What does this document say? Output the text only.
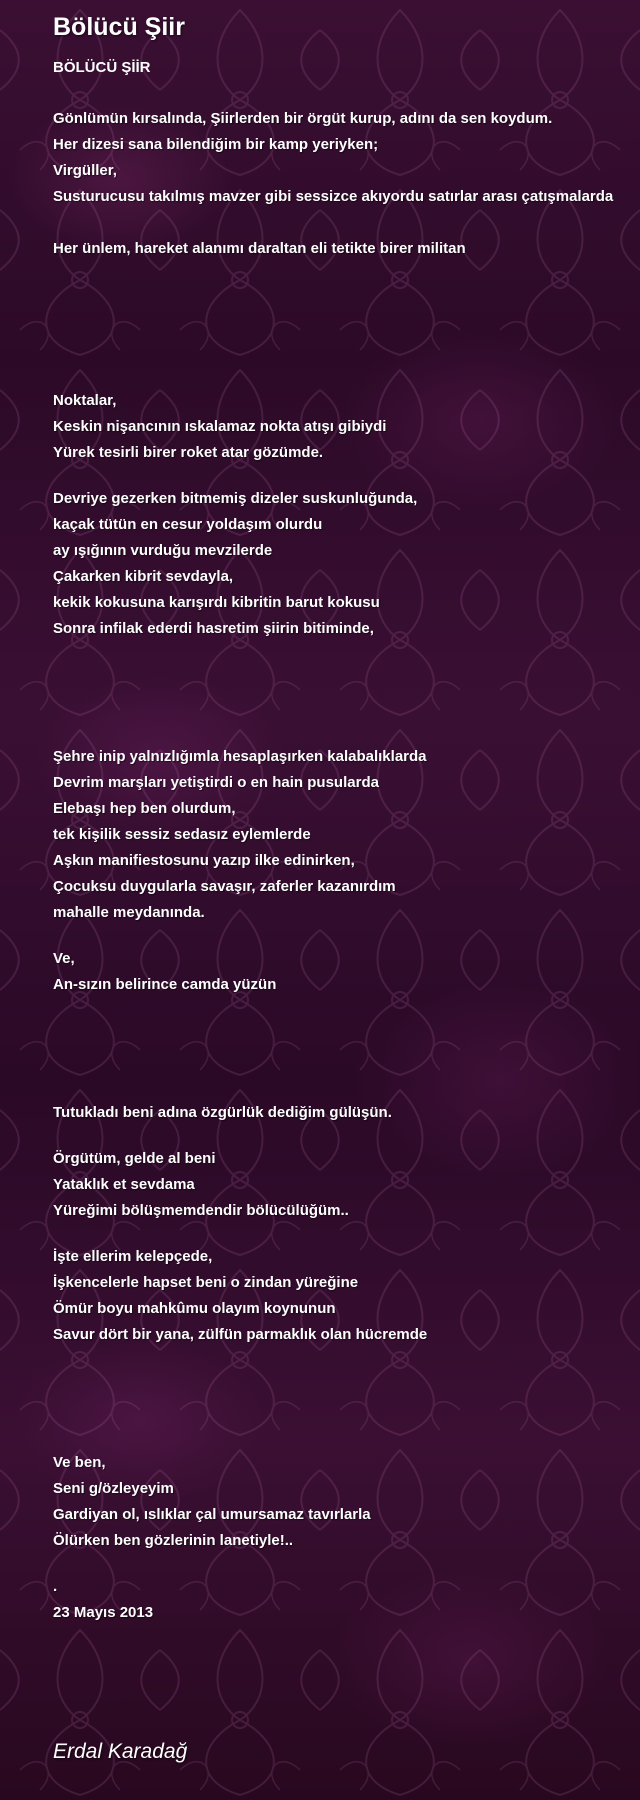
Bölücü Şiir
BÖLÜCÜ ŞİİR
Gönlümün kırsalında, Şiirlerden bir örgüt kurup, adını da sen koydum.
Her dizesi sana bilendiğim bir kamp yeriyken;
Virgüller,
Susturucusu takılmış mavzer gibi sessizce akıyordu satırlar arası çatışmalarda
Her ünlem, hareket alanımı daraltan eli tetikte birer militan
Noktalar,
Keskin nişancının ıskalamaz nokta atışı gibiydi
Yürek tesirli birer roket atar gözümde.
Devriye gezerken bitmemiş dizeler suskunluğunda,
kaçak tütün en cesur yoldaşım olurdu
ay ışığının vurduğu mevzilerde
Çakarken kibrit sevdayla,
kekik kokusuna karışırdı kibritin barut kokusu
Sonra infilak ederdi hasretim şiirin bitiminde,
Şehre inip yalnızlığımla hesaplaşırken kalabalıklarda
Devrim marşları yetiştirdi o en hain pusularda
Elebaşı hep ben olurdum,
tek kişilik sessiz sedasız eylemlerde
Aşkın manifiestosunu yazıp ilke edinirken,
Çocuksu duygularla savaşır, zaferler kazanırdım
mahalle meydanında.
Ve,
An-sızın belirince camda yüzün
Tutukladı beni adına özgürlük dediğim gülüşün.
Örgütüm, gelde al beni
Yataklık et sevdama
Yüreğimi bölüşmemdendir bölücülüğüm..
İşte ellerim kelepçede,
İşkencelerle hapset beni o zindan yüreğine
Ömür boyu mahkûmu olayım koynunun
Savur dört bir yana, zülfün parmaklık olan hücremde
Ve ben,
Seni g/özleyeyim
Gardiyan ol, ıslıklar çal umursamaz tavırlarla
Ölürken ben gözlerinin lanetiyle!..
.
23 Mayıs 2013
Erdal Karadağ
